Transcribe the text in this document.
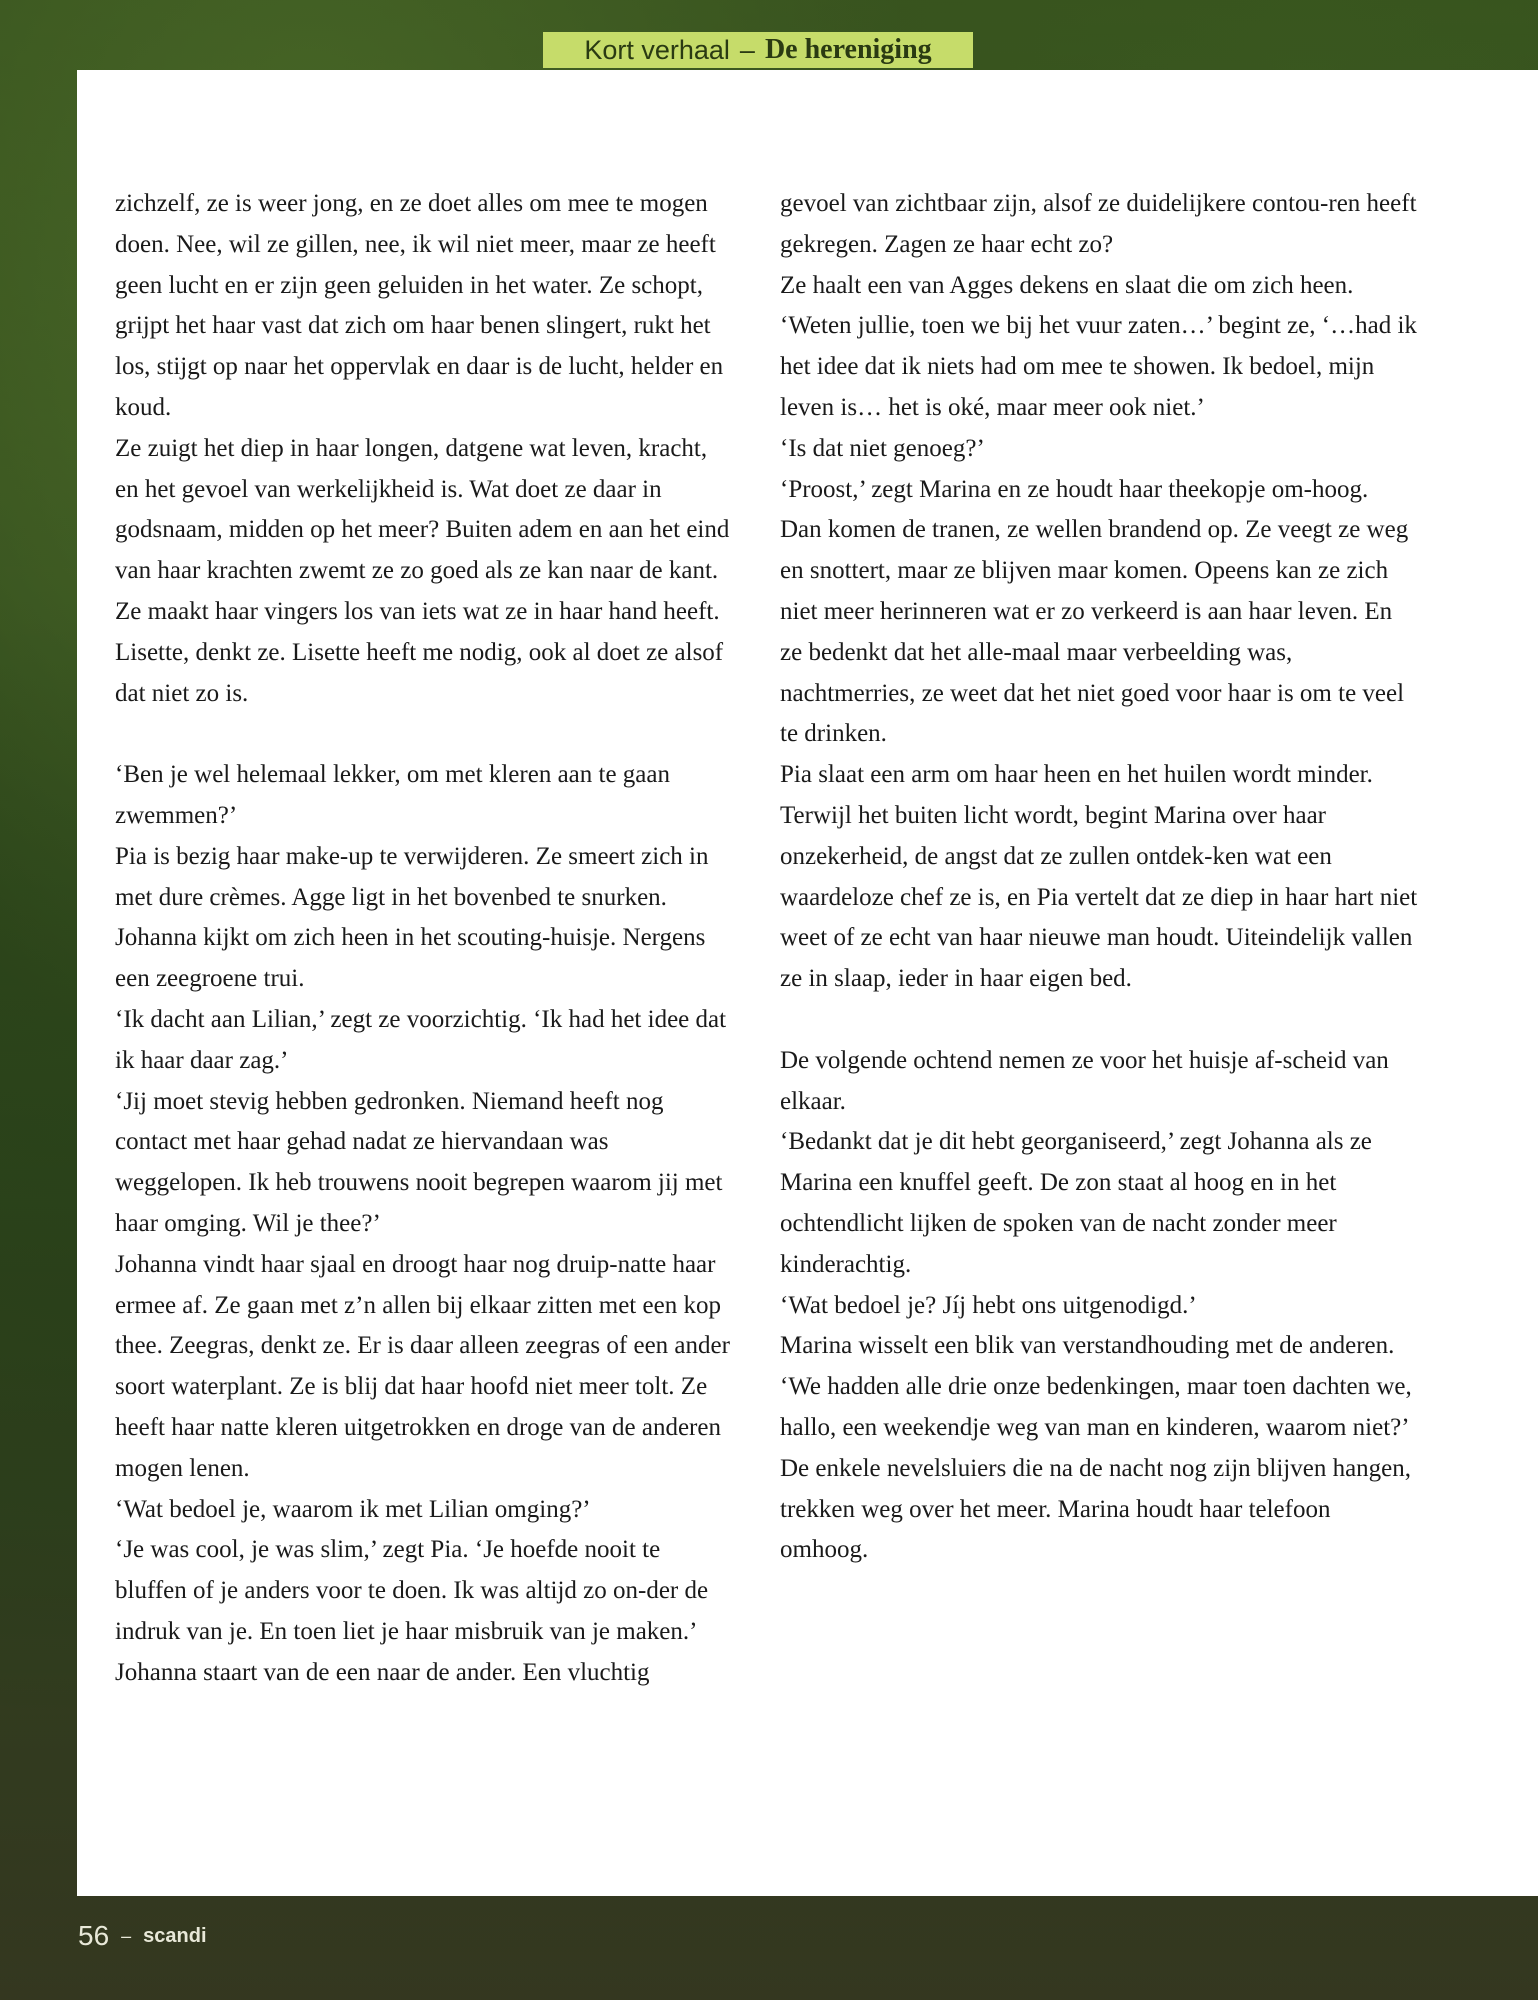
Kort verhaal – De hereniging

zichzelf, ze is weer jong, en ze doet alles om mee te mogen doen. Nee, wil ze gillen, nee, ik wil niet meer, maar ze heeft geen lucht en er zijn geen geluiden in het water. Ze schopt, grijpt het haar vast dat zich om haar benen slingert, rukt het los, stijgt op naar het oppervlak en daar is de lucht, helder en koud.

Ze zuigt het diep in haar longen, datgene wat leven, kracht, en het gevoel van werkelijkheid is. Wat doet ze daar in godsnaam, midden op het meer? Buiten adem en aan het eind van haar krachten zwemt ze zo goed als ze kan naar de kant. Ze maakt haar vingers los van iets wat ze in haar hand heeft.

Lisette, denkt ze. Lisette heeft me nodig, ook al doet ze alsof dat niet zo is.

‘Ben je wel helemaal lekker, om met kleren aan te gaan zwemmen?’

Pia is bezig haar make-up te verwijderen. Ze smeert zich in met dure crèmes. Agge ligt in het bovenbed te snurken. Johanna kijkt om zich heen in het scouting-huisje. Nergens een zeegroene trui.

‘Ik dacht aan Lilian,’ zegt ze voorzichtig. ‘Ik had het idee dat ik haar daar zag.’

‘Jij moet stevig hebben gedronken. Niemand heeft nog contact met haar gehad nadat ze hiervandaan was weggelopen. Ik heb trouwens nooit begrepen waarom jij met haar omging. Wil je thee?’

Johanna vindt haar sjaal en droogt haar nog druip-natte haar ermee af. Ze gaan met z’n allen bij elkaar zitten met een kop thee. Zeegras, denkt ze. Er is daar alleen zeegras of een ander soort waterplant. Ze is blij dat haar hoofd niet meer tolt. Ze heeft haar natte kleren uitgetrokken en droge van de anderen mogen lenen.

‘Wat bedoel je, waarom ik met Lilian omging?’

‘Je was cool, je was slim,’ zegt Pia. ‘Je hoefde nooit te bluffen of je anders voor te doen. Ik was altijd zo on-der de indruk van je. En toen liet je haar misbruik van je maken.’

Johanna staart van de een naar de ander. Een vluchtig

gevoel van zichtbaar zijn, alsof ze duidelijkere contou-ren heeft gekregen. Zagen ze haar echt zo?

Ze haalt een van Agges dekens en slaat die om zich heen.

‘Weten jullie, toen we bij het vuur zaten…’ begint ze, ‘…had ik het idee dat ik niets had om mee te showen. Ik bedoel, mijn leven is… het is oké, maar meer ook niet.’

‘Is dat niet genoeg?’

‘Proost,’ zegt Marina en ze houdt haar theekopje om-hoog.

Dan komen de tranen, ze wellen brandend op. Ze veegt ze weg en snottert, maar ze blijven maar komen. Opeens kan ze zich niet meer herinneren wat er zo verkeerd is aan haar leven. En ze bedenkt dat het alle-maal maar verbeelding was, nachtmerries, ze weet dat het niet goed voor haar is om te veel te drinken.

Pia slaat een arm om haar heen en het huilen wordt minder. Terwijl het buiten licht wordt, begint Marina over haar onzekerheid, de angst dat ze zullen ontdek-ken wat een waardeloze chef ze is, en Pia vertelt dat ze diep in haar hart niet weet of ze echt van haar nieuwe man houdt. Uiteindelijk vallen ze in slaap, ieder in haar eigen bed.

De volgende ochtend nemen ze voor het huisje af-scheid van elkaar.

‘Bedankt dat je dit hebt georganiseerd,’ zegt Johanna als ze Marina een knuffel geeft. De zon staat al hoog en in het ochtendlicht lijken de spoken van de nacht zonder meer kinderachtig.

‘Wat bedoel je? Jíj hebt ons uitgenodigd.’

Marina wisselt een blik van verstandhouding met de anderen.

‘We hadden alle drie onze bedenkingen, maar toen dachten we, hallo, een weekendje weg van man en kinderen, waarom niet?’

De enkele nevelsluiers die na de nacht nog zijn blijven hangen, trekken weg over het meer. Marina houdt haar telefoon omhoog.

56 – scandi
